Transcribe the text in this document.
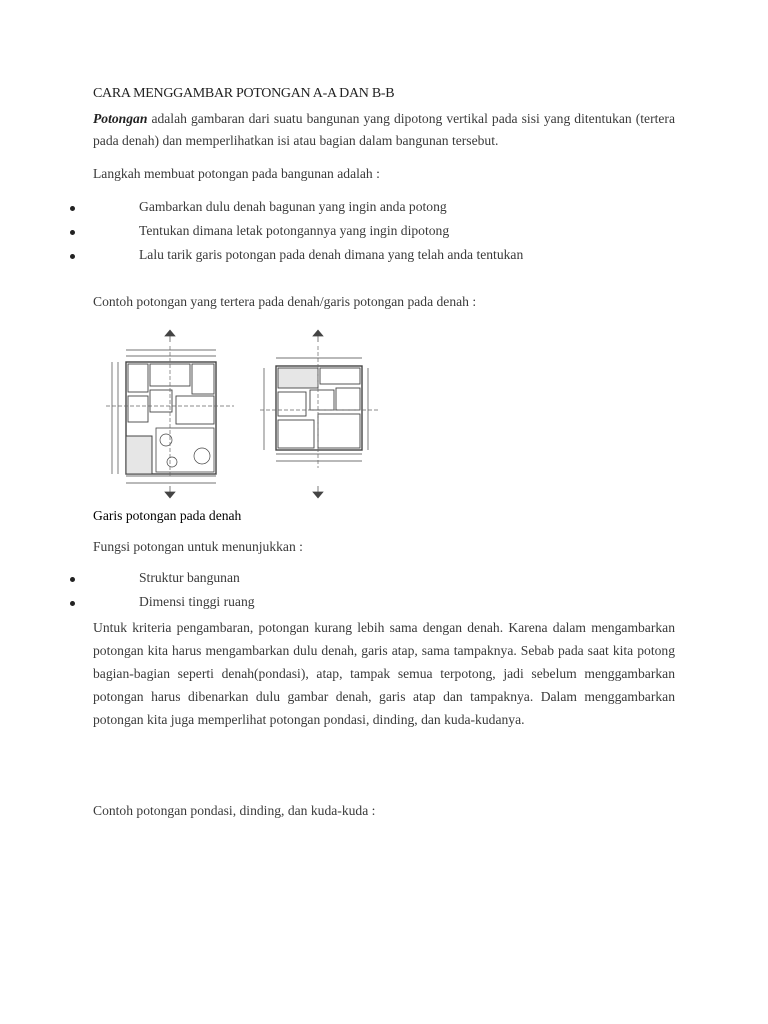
CARA MENGGAMBAR POTONGAN A-A DAN B-B
Potongan adalah gambaran dari suatu bangunan yang dipotong vertikal pada sisi yang ditentukan (tertera pada denah) dan memperlihatkan isi atau bagian dalam bangunan tersebut.
Langkah membuat potongan pada bangunan adalah :
Gambarkan dulu denah bagunan yang ingin anda potong
Tentukan dimana letak potongannya yang ingin dipotong
Lalu tarik garis potongan pada denah dimana yang telah anda tentukan
Contoh potongan yang tertera pada denah/garis potongan pada denah :
Garis potongan pada denah
Fungsi potongan untuk menunjukkan :
Struktur bangunan
Dimensi tinggi ruang
Untuk kriteria pengambaran, potongan kurang lebih sama dengan denah. Karena dalam mengambarkan potongan kita harus mengambarkan dulu denah, garis atap, sama tampaknya. Sebab pada saat kita potong bagian-bagian seperti denah(pondasi), atap, tampak semua terpotong, jadi sebelum menggambarkan potongan harus dibenarkan dulu gambar denah, garis atap dan tampaknya. Dalam menggambarkan potongan kita juga memperlihat potongan pondasi, dinding, dan kuda-kudanya.
Contoh potongan pondasi, dinding, dan kuda-kuda :
